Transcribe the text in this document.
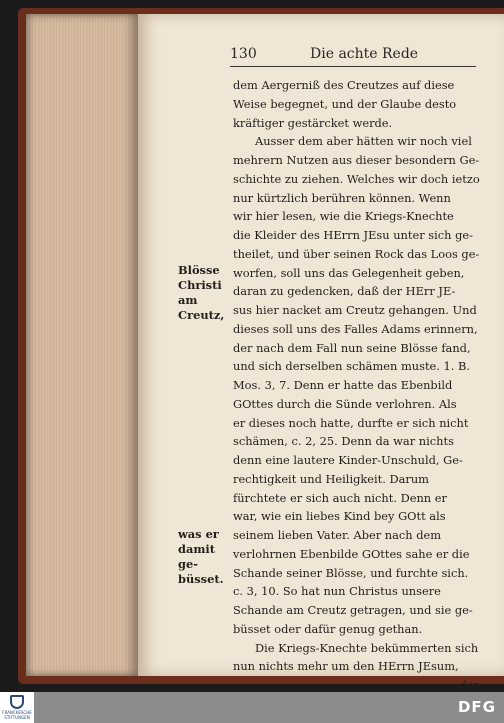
130	Die achte Rede
dem Aergerniß des Creutzes auf diese
Weise begegnet, und der Glaube desto
kräftiger gestärcket werde.
Ausser dem aber hätten wir noch viel
mehrern Nutzen aus dieser besondern Ge-
schichte zu ziehen. Welches wir doch ietzo
nur kürtzlich berühren können. Wenn
wir hier lesen, wie die Kriegs-Knechte
die Kleider des HErrn JEsu unter sich ge-
theilet, und über seinen Rock das Loos ge-
worfen, soll uns das Gelegenheit geben,
daran zu gedencken, daß der HErr JE-
sus hier nacket am Creutz gehangen. Und
dieses soll uns des Falles Adams erinnern,
der nach dem Fall nun seine Blösse fand,
und sich derselben schämen muste. 1. B.
Mos. 3, 7. Denn er hatte das Ebenbild
GOttes durch die Sünde verlohren. Als
er dieses noch hatte, durfte er sich nicht
schämen, c. 2, 25. Denn da war nichts
denn eine lautere Kinder-Unschuld, Ge-
rechtigkeit und Heiligkeit. Darum
fürchtete er sich auch nicht. Denn er
war, wie ein liebes Kind bey GOtt als
seinem lieben Vater. Aber nach dem
verlohrnen Ebenbilde GOttes sahe er die
Schande seiner Blösse, und furchte sich.
c. 3, 10. So hat nun Christus unsere
Schande am Creutz getragen, und sie ge-
büsset oder dafür genug gethan.
Die Kriegs-Knechte bekümmerten sich
nun nichts mehr um den HErrn JEsum,
den
Blösse
Christi am
Creutz,
was er
damit ge-
büsset.
FRANCKESCHE STIFTUNGEN
DFG
